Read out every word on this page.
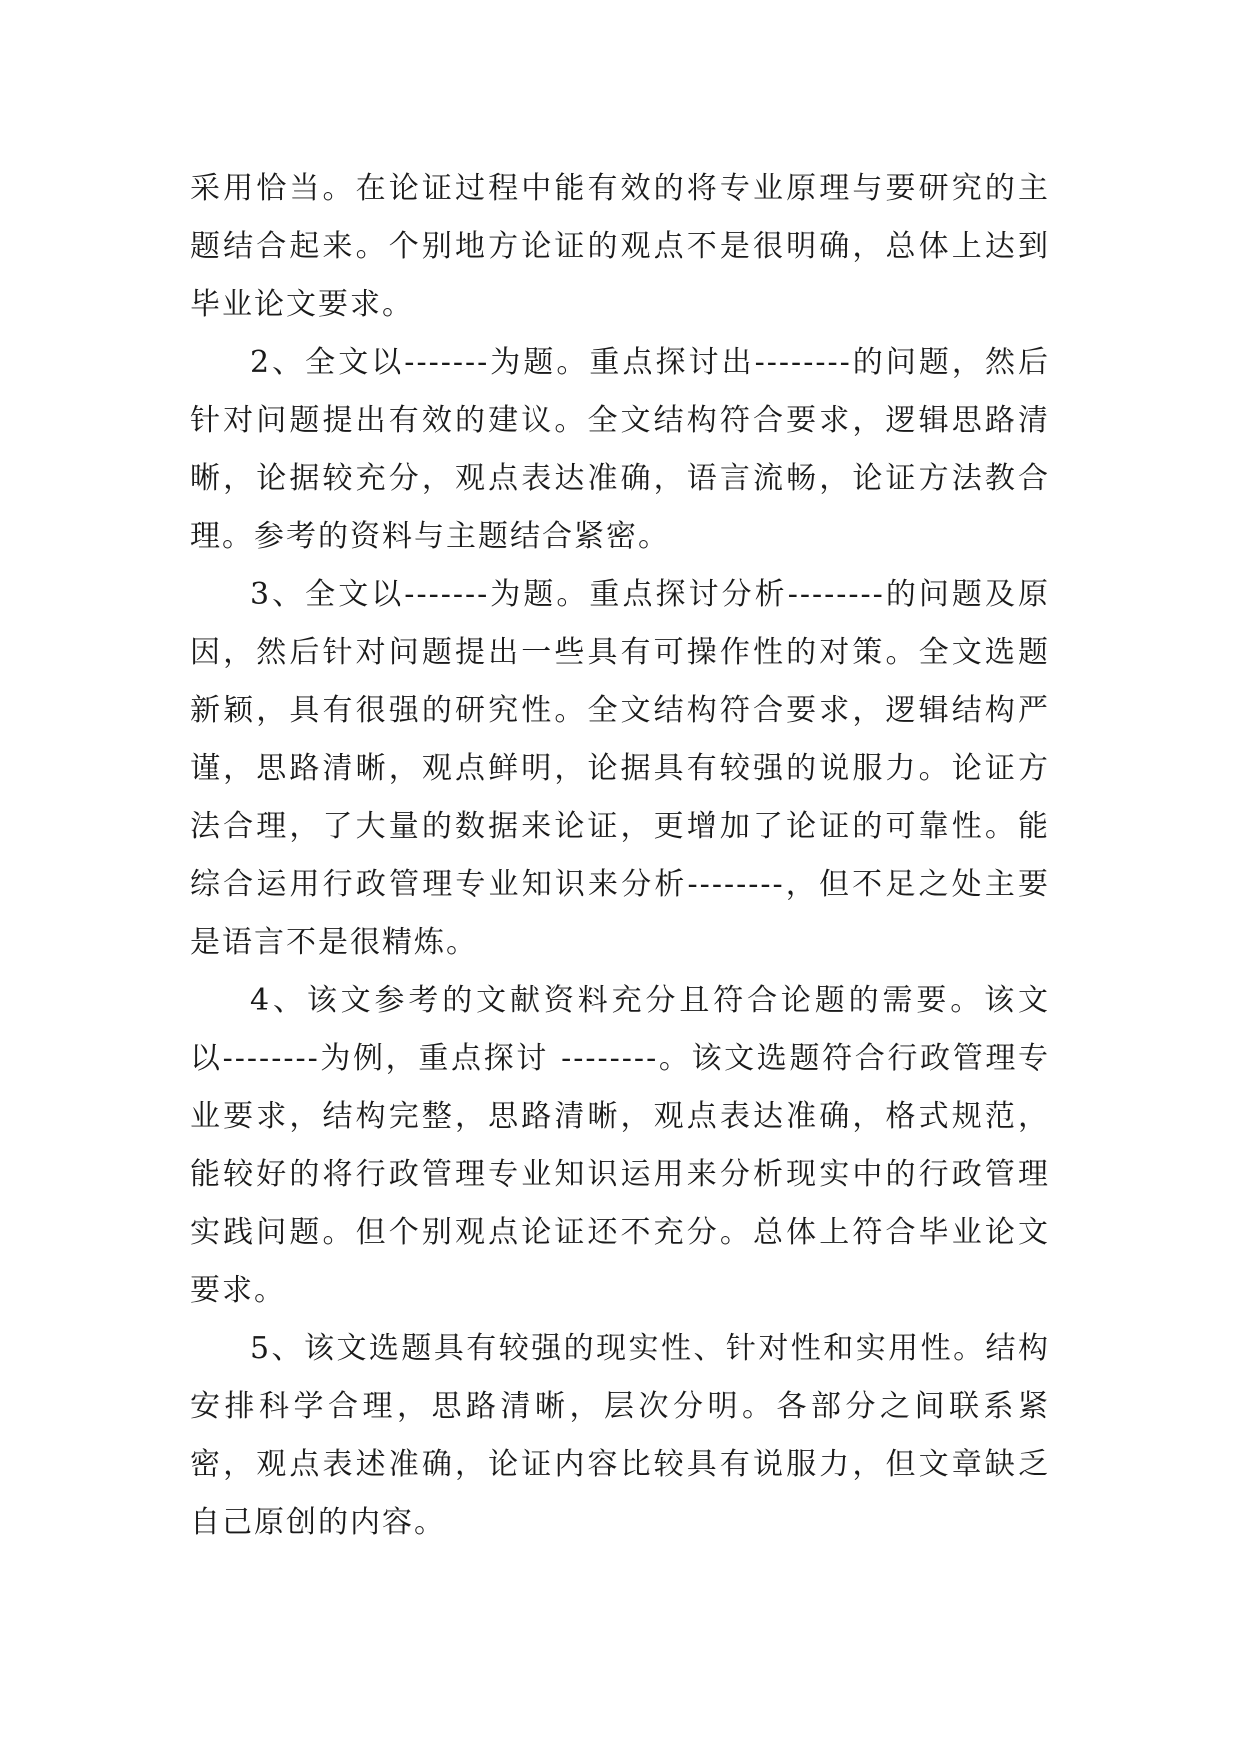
采用恰当。在论证过程中能有效的将专业原理与要研究的主题结合起来。个别地方论证的观点不是很明确，总体上达到毕业论文要求。

2、全文以-------为题。重点探讨出--------的问题，然后针对问题提出有效的建议。全文结构符合要求，逻辑思路清晰，论据较充分，观点表达准确，语言流畅，论证方法教合理。参考的资料与主题结合紧密。

3、全文以-------为题。重点探讨分析--------的问题及原因，然后针对问题提出一些具有可操作性的对策。全文选题新颖，具有很强的研究性。全文结构符合要求，逻辑结构严谨，思路清晰，观点鲜明，论据具有较强的说服力。论证方法合理，了大量的数据来论证，更增加了论证的可靠性。能综合运用行政管理专业知识来分析--------，但不足之处主要是语言不是很精炼。

4、该文参考的文献资料充分且符合论题的需要。该文以--------为例，重点探讨 --------。该文选题符合行政管理专业要求，结构完整，思路清晰，观点表达准确，格式规范，能较好的将行政管理专业知识运用来分析现实中的行政管理实践问题。但个别观点论证还不充分。总体上符合毕业论文要求。

5、该文选题具有较强的现实性、针对性和实用性。结构安排科学合理，思路清晰，层次分明。各部分之间联系紧密，观点表述准确，论证内容比较具有说服力，但文章缺乏自己原创的内容。
